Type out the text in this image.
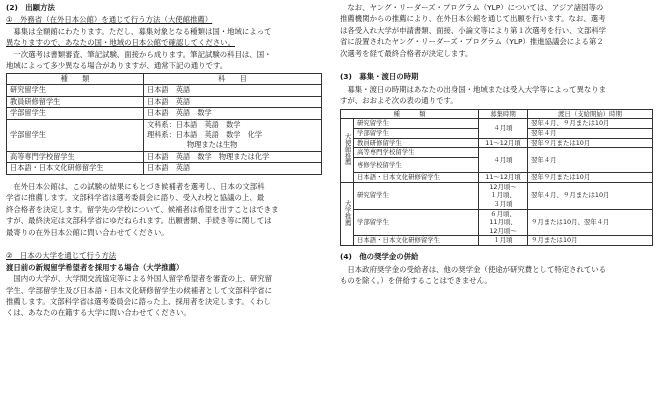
(2)　出願方法

①　外務省（在外日本公館）を通じて行う方法（大使館推薦）

　募集は全額館にわたります。ただし、募集対象となる種類は国・地域によって

異なりますので、あなたの国・地域の日本公館で確認してください。

　一次選考は書類審査、筆記試験、面接から成ります。筆記試験の科目は、国・

地域によって多少異なる場合がありますが、通常下記の通りです。

種　　類	科　　目
研究留学生	日本語　英語
教員研修留学生	日本語　英語
学部留学生	日本語　英語　数学
学部留学生	文科系：日本語　英語　数学
理科系：日本語　英語　数学　化学
物理または生物

高等専門学校留学生	日本語　英語　数学　物理または化学
日本語・日本文化研修留学生	日本語　英語

　在外日本公館は、この試験の結果にもとづき候補者を選考し、日本の文部科

学省に推薦します。文部科学省は選考委員会に諮り、受入れ校と協議の上、最

終合格者を決定します。留学先の学校について、候補者は希望を出すことはできま

すが、最終決定は文部科学省にゆだねられます。出願書類、手続き等に関しては

最寄りの在外日本公館に問い合わせてください。

②　日本の大学を通じて行う方法

渡日前の新規留学希望者を採用する場合（大学推薦）

　国内の大学が、大学間交流協定等による外国人留学希望者を審査の上、研究留

学生、学部留学生及び日本語・日本文化研修留学生の候補者として文部科学省に

推薦します。文部科学省は選考委員会に諮った上、採用者を決定します。くわし

くは、あなたの在籍する大学に問い合わせてください。

　なお、ヤング・リーダーズ・プログラム（YLP）については、アジア諸国等の

推薦機関からの推薦により、在外日本公館を通じて出願を行います。なお、選考

は各受入れ大学が申請書類、面接、小論文等により第１次選考を行い、文部科学

省に設置されたヤング・リーダーズ・プログラム（YLP）推進協議会による第２

次選考を経て最終合格者が決定します。

(3)　募集・渡日の時期

　募集・渡日の時期はあなたの出身国・地域または受入大学等によって異なりま

すが、おおよそ次の表の通りです。

種　　　類		募集時期	渡日（支給開始）時期
大使館推薦	研究留学生	４月頃	翌年４月、９月または10月
	学部留学生		翌年４月
	教員研修留学生	11～12月頃	翌年９月または10月
	高等専門学校留学生	４月頃	翌年４月
	専修学校留学生		
	日本語・日本文化研修留学生	11～12月頃	翌年９月または10月
大学推薦	研究留学生	12月頃～
１月頃、
３月頃	翌年４月、９月または10月
	学部留学生	６月頃、
11月頃、
12月頃～	９月または10月、翌年４月
	日本語・日本文化研修留学生	１月頃	９月または10月

(4)　他の奨学金の併給

　日本政府奨学金の受給者は、他の奨学金（使途が研究費として特定されている

ものを除く。）を併給することはできません。
